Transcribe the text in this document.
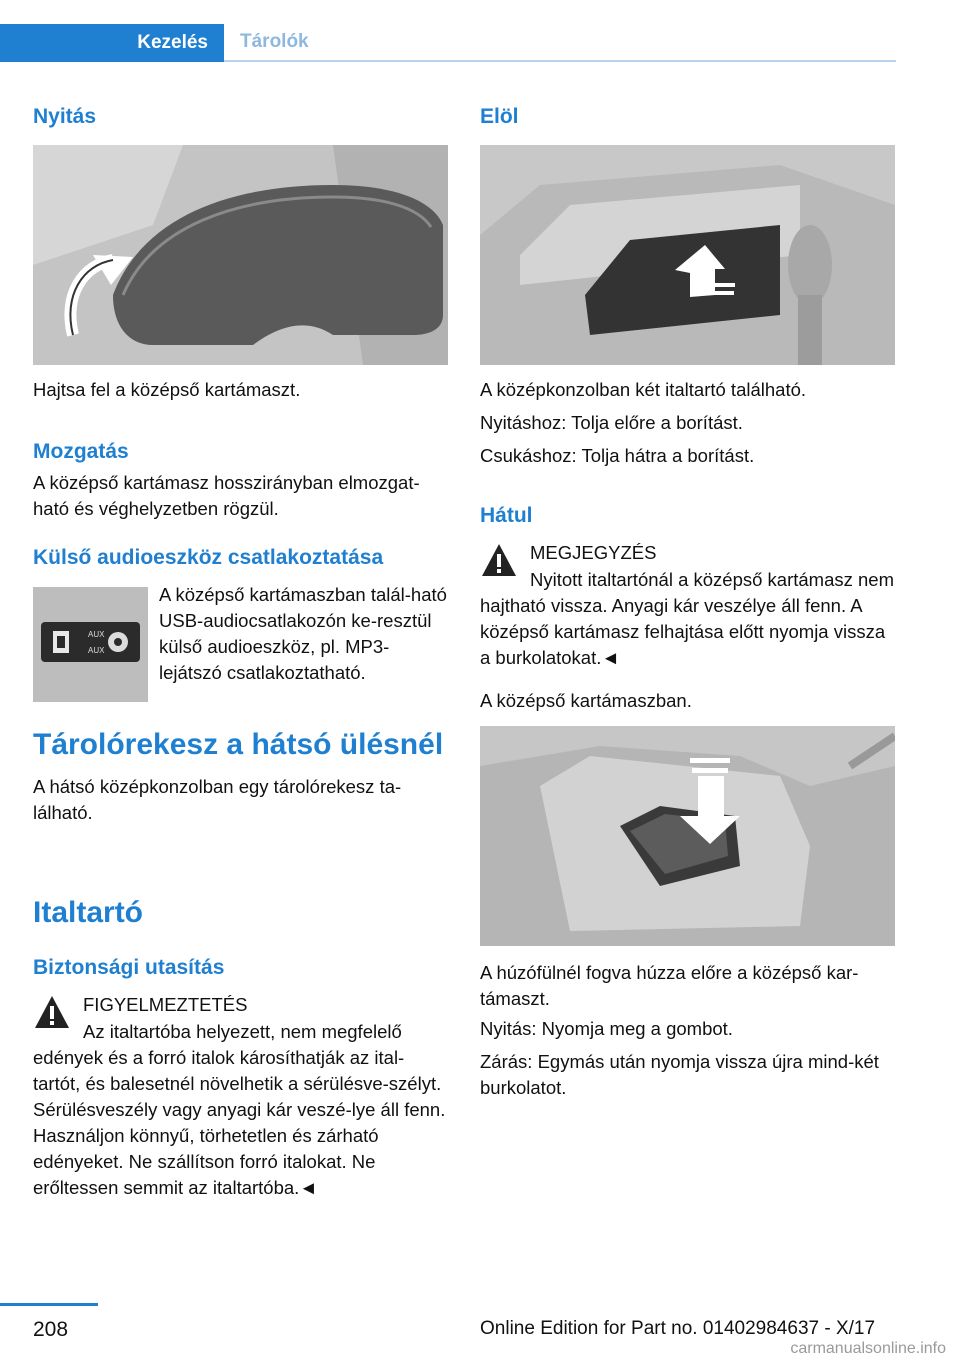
Kezelés	Tárolók
Nyitás

Hajtsa fel a középső kartámaszt.

Mozgatás

A középső kartámasz hosszirányban elmozgat-ható és véghelyzetben rögzül.

Külső audioeszköz csatlakoztatása
AUX
AUX

A középső kartámaszban talál-ható USB-audiocsatlakozón ke-resztül külső audioeszköz, pl. MP3-lejátszó csatlakoztatható.

Tárolórekesz a hátsó ülésnél

A hátsó középkonzolban egy tárolórekesz ta-lálható.

Italtartó
Biztonsági utasítás

FIGYELMEZTETÉS

Az italtartóba helyezett, nem megfelelő edények és a forró italok károsíthatják az ital-tartót, és balesetnél növelhetik a sérülésve-szélyt. Sérülésveszély vagy anyagi kár veszé-lye áll fenn. Használjon könnyű, törhetetlen és zárható edényeket. Ne szállítson forró italokat. Ne erőltessen semmit az italtartóba.◄

Elöl

A középkonzolban két italtartó található.

Nyitáshoz: Tolja előre a borítást.

Csukáshoz: Tolja hátra a borítást.

Hátul

MEGJEGYZÉS

Nyitott italtartónál a középső kartámasz nem hajtható vissza. Anyagi kár veszélye áll fenn. A középső kartámasz felhajtása előtt nyomja vissza a burkolatokat.◄

A középső kartámaszban.

A húzófülnél fogva húzza előre a középső kar-támaszt.

Nyitás: Nyomja meg a gombot.

Zárás: Egymás után nyomja vissza újra mind-két burkolatot.

208	Online Edition for Part no. 01402984637 - X/17
carmanualsonline.info
